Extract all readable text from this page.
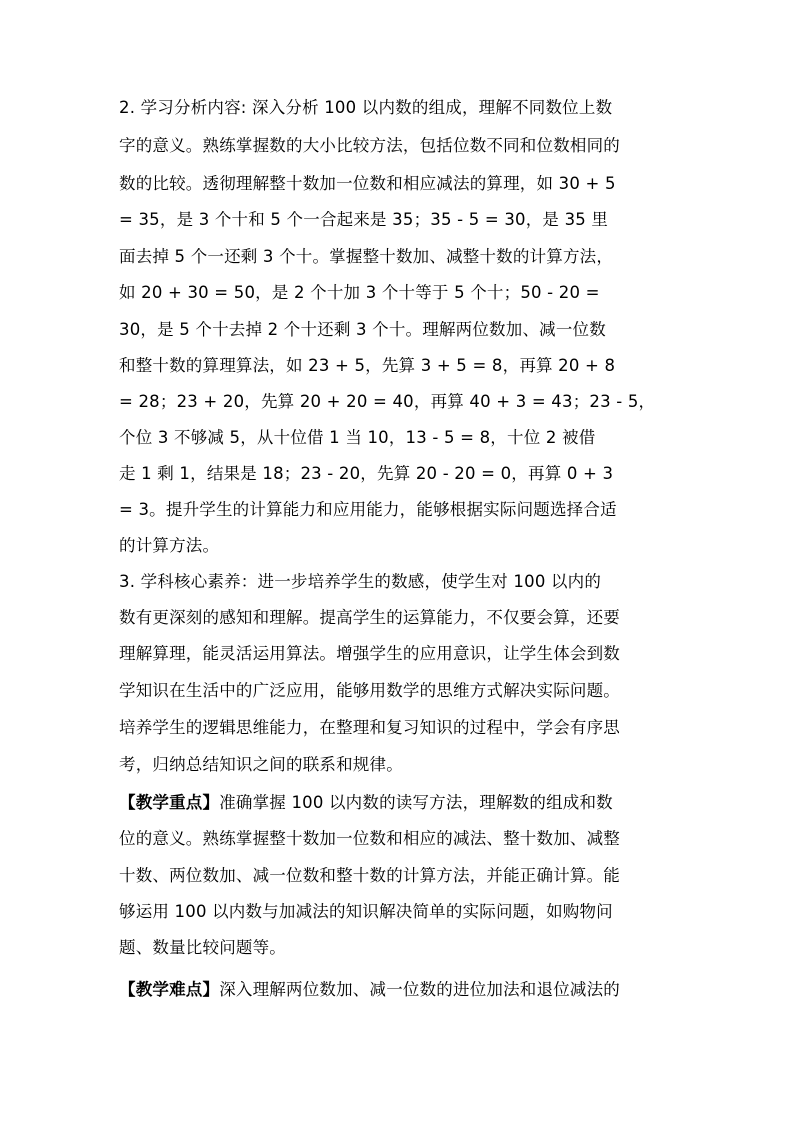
2. 学习分析内容: 深入分析 100 以内数的组成，理解不同数位上数
字的意义。熟练掌握数的大小比较方法，包括位数不同和位数相同的
数的比较。透彻理解整十数加一位数和相应减法的算理，如 30 + 5
= 35，是 3 个十和 5 个一合起来是 35；35 - 5 = 30，是 35 里
面去掉 5 个一还剩 3 个十。掌握整十数加、减整十数的计算方法，
如 20 + 30 = 50，是 2 个十加 3 个十等于 5 个十；50 - 20 =
30，是 5 个十去掉 2 个十还剩 3 个十。理解两位数加、减一位数
和整十数的算理算法，如 23 + 5，先算 3 + 5 = 8，再算 20 + 8
= 28；23 + 20，先算 20 + 20 = 40，再算 40 + 3 = 43；23 - 5，
个位 3 不够减 5，从十位借 1 当 10，13 - 5 = 8，十位 2 被借
走 1 剩 1，结果是 18；23 - 20，先算 20 - 20 = 0，再算 0 + 3
= 3。提升学生的计算能力和应用能力，能够根据实际问题选择合适
的计算方法。
3. 学科核心素养：进一步培养学生的数感，使学生对 100 以内的
数有更深刻的感知和理解。提高学生的运算能力，不仅要会算，还要
理解算理，能灵活运用算法。增强学生的应用意识，让学生体会到数
学知识在生活中的广泛应用，能够用数学的思维方式解决实际问题。
培养学生的逻辑思维能力，在整理和复习知识的过程中，学会有序思
考，归纳总结知识之间的联系和规律。
【教学重点】准确掌握 100 以内数的读写方法，理解数的组成和数
位的意义。熟练掌握整十数加一位数和相应的减法、整十数加、减整
十数、两位数加、减一位数和整十数的计算方法，并能正确计算。能
够运用 100 以内数与加减法的知识解决简单的实际问题，如购物问
题、数量比较问题等。
【教学难点】深入理解两位数加、减一位数的进位加法和退位减法的
